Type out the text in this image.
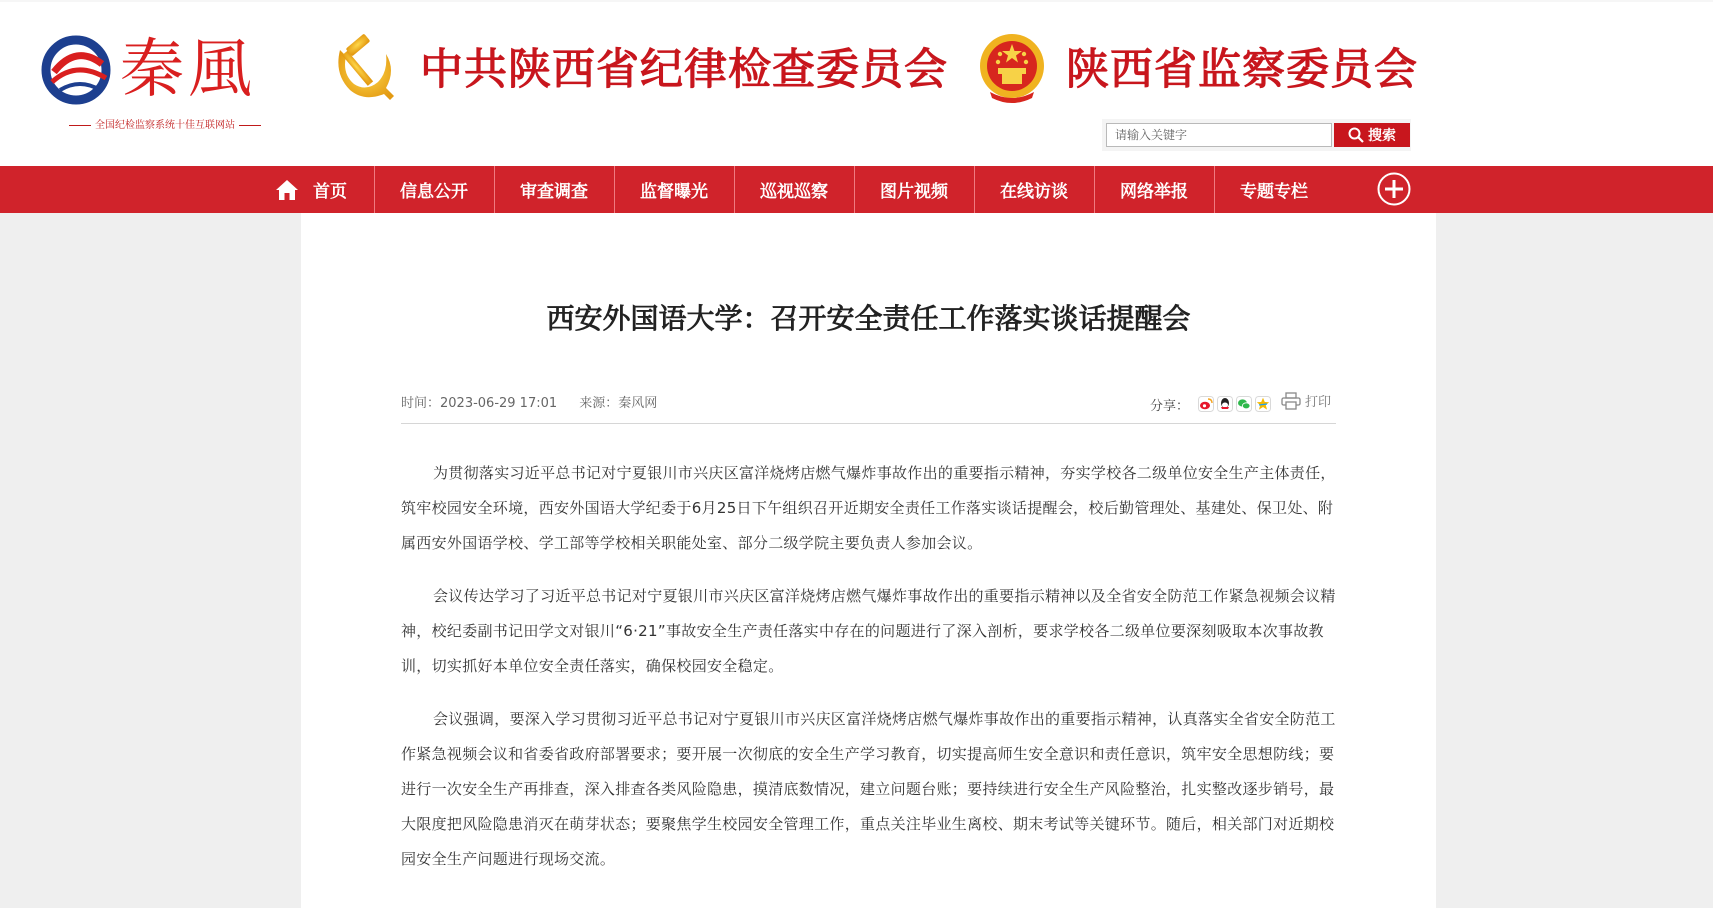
秦風
全国纪检监察系统十佳互联网站
中共陕西省纪律检查委员会	陕西省监察委员会
请输入关键字
搜索
首页	信息公开	审查调查	监督曝光	巡视巡察	图片视频	在线访谈	网络举报	专题专栏
西安外国语大学：召开安全责任工作落实谈话提醒会
时间：2023-06-29 17:01 来源：秦风网	分享：	打印

为贯彻落实习近平总书记对宁夏银川市兴庆区富洋烧烤店燃气爆炸事故作出的重要指示精神，夯实学校各二级单位安全生产主体责任，筑牢校园安全环境，西安外国语大学纪委于6月25日下午组织召开近期安全责任工作落实谈话提醒会，校后勤管理处、基建处、保卫处、附属西安外国语学校、学工部等学校相关职能处室、部分二级学院主要负责人参加会议。

会议传达学习了习近平总书记对宁夏银川市兴庆区富洋烧烤店燃气爆炸事故作出的重要指示精神以及全省安全防范工作紧急视频会议精神，校纪委副书记田学文对银川“6·21”事故安全生产责任落实中存在的问题进行了深入剖析，要求学校各二级单位要深刻吸取本次事故教训，切实抓好本单位安全责任落实，确保校园安全稳定。

会议强调，要深入学习贯彻习近平总书记对宁夏银川市兴庆区富洋烧烤店燃气爆炸事故作出的重要指示精神，认真落实全省安全防范工作紧急视频会议和省委省政府部署要求；要开展一次彻底的安全生产学习教育，切实提高师生安全意识和责任意识，筑牢安全思想防线；要进行一次安全生产再排查，深入排查各类风险隐患，摸清底数情况，建立问题台账；要持续进行安全生产风险整治，扎实整改逐步销号，最大限度把风险隐患消灭在萌芽状态；要聚焦学生校园安全管理工作，重点关注毕业生离校、期末考试等关键环节。随后，相关部门对近期校园安全生产问题进行现场交流。
